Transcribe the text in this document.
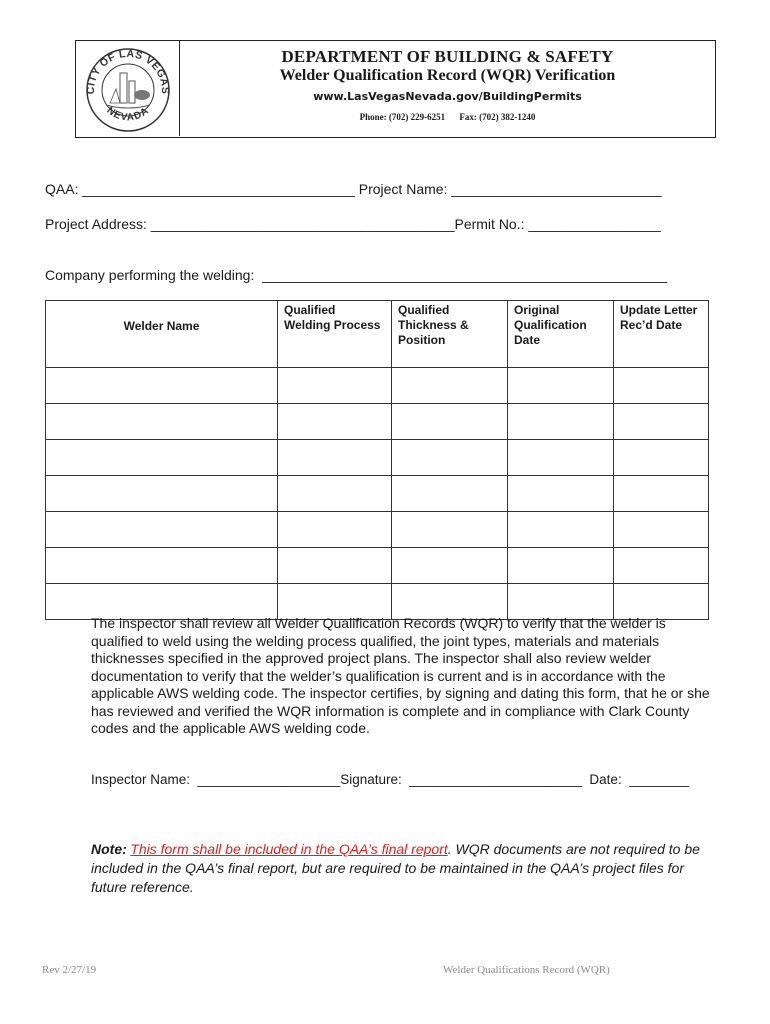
CITY OF LAS VEGAS
NEVADA
DEPARTMENT OF BUILDING & SAFETY
Welder Qualification Record (WQR) Verification
www.LasVegasNevada.gov/BuildingPermits
Phone: (702) 229-6251 Fax: (702) 382-1240
QAA: ___________________________________ Project Name: ___________________________
Project Address: _______________________________________Permit No.: _________________
Company performing the welding:  ____________________________________________________
Welder Name	Qualified Welding Process	Qualified Thickness & Position	Original Qualification Date	Update Letter Rec’d Date

The inspector shall review all Welder Qualification Records (WQR) to verify that the welder is qualified to weld using the welding process qualified, the joint types, materials and materials thicknesses specified in the approved project plans. The inspector shall also review welder documentation to verify that the welder’s qualification is current and is in accordance with the applicable AWS welding code. The inspector certifies, by signing and dating this form, that he or she has reviewed and verified the WQR information is complete and in compliance with Clark County codes and the applicable AWS welding code.
Inspector Name:  ___________________Signature:  _______________________  Date:  ________
Note: This form shall be included in the QAA’s final report. WQR documents are not required to be included in the QAA’s final report, but are required to be maintained in the QAA’s project files for future reference.
Rev 2/27/19	Welder Qualifications Record (WQR)
